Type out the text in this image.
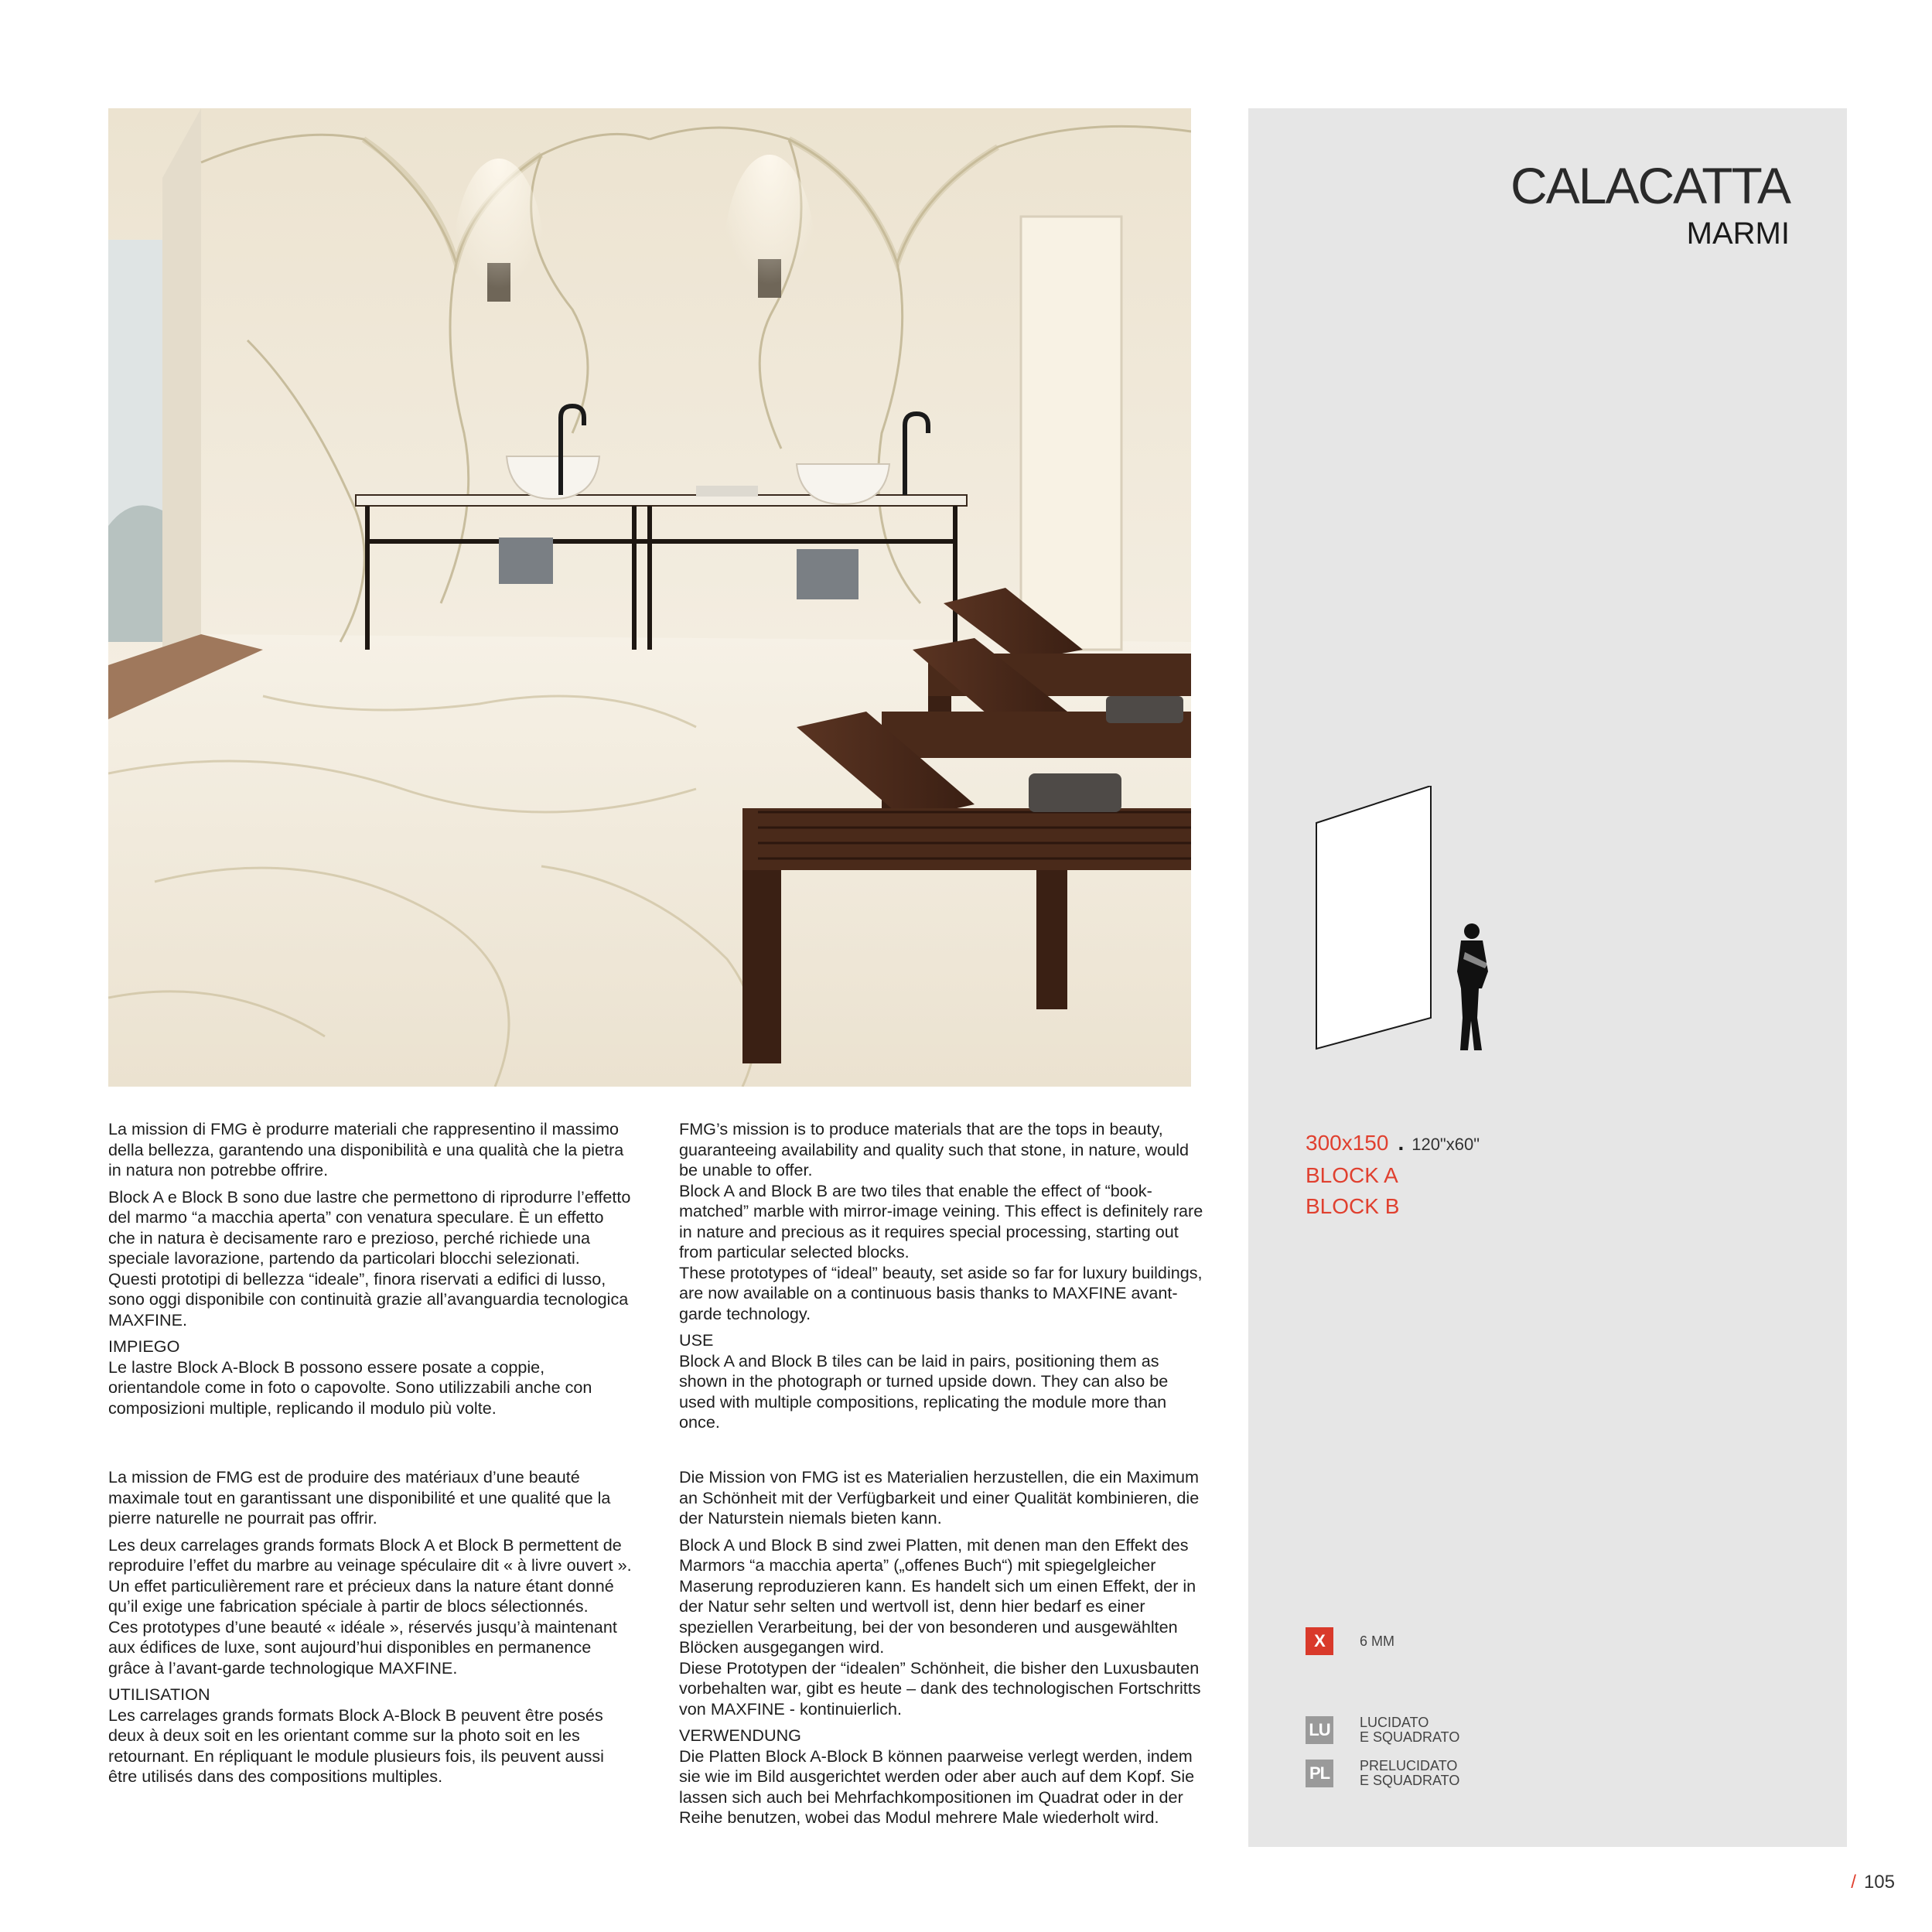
CALACATTA
MARMI
300x150 . 120"x60"
BLOCK A
BLOCK B
X	6 MM
LU LUCIDATO
E SQUADRATO
PL PRELUCIDATO
E SQUADRATO

La mission di FMG è produrre materiali che rappresentino il massimo della bellezza, garantendo una disponibilità e una qualità che la pietra in natura non potrebbe offrire.

Block A e Block B sono due lastre che permettono di riprodurre l’effetto del marmo “a macchia aperta” con venatura speculare. È un effetto che in natura è decisamente raro e prezioso, perché richiede una speciale lavorazione, partendo da particolari blocchi selezionati.

Questi prototipi di bellezza “ideale”, finora riservati a edifici di lusso, sono oggi disponibile con continuità grazie all’avanguardia tecnologica MAXFINE.

IMPIEGO

Le lastre Block A-Block B possono essere posate a coppie, orientandole come in foto o capovolte. Sono utilizzabili anche con composizioni multiple, replicando il modulo più volte.

FMG’s mission is to produce materials that are the tops in beauty, guaranteeing availability and quality such that stone, in nature, would be unable to offer.

Block A and Block B are two tiles that enable the effect of “book-matched” marble with mirror-image veining. This effect is definitely rare in nature and precious as it requires special processing, starting out from particular selected blocks.

These prototypes of “ideal” beauty, set aside so far for luxury buildings, are now available on a continuous basis thanks to MAXFINE avant-garde technology.

USE

Block A and Block B tiles can be laid in pairs, positioning them as shown in the photograph or turned upside down. They can also be used with multiple compositions, replicating the module more than once.

La mission de FMG est de produire des matériaux d’une beauté maximale tout en garantissant une disponibilité et une qualité que la pierre naturelle ne pourrait pas offrir.

Les deux carrelages grands formats Block A et Block B permettent de reproduire l’effet du marbre au veinage spéculaire dit « à livre ouvert ». Un effet particulièrement rare et précieux dans la nature étant donné qu’il exige une fabrication spéciale à partir de blocs sélectionnés.

Ces prototypes d’une beauté « idéale », réservés jusqu’à maintenant aux édifices de luxe, sont aujourd’hui disponibles en permanence grâce à l’avant-garde technologique MAXFINE.

UTILISATION

Les carrelages grands formats Block A-Block B peuvent être posés deux à deux soit en les orientant comme sur la photo soit en les retournant. En répliquant le module plusieurs fois, ils peuvent aussi être utilisés dans des compositions multiples.

Die Mission von FMG ist es Materialien herzustellen, die ein Maximum an Schönheit mit der Verfügbarkeit und einer Qualität kombinieren, die der Naturstein niemals bieten kann.

Block A und Block B sind zwei Platten, mit denen man den Effekt des Marmors “a macchia aperta” („offenes Buch“) mit spiegelgleicher Maserung reproduzieren kann. Es handelt sich um einen Effekt, der in der Natur sehr selten und wertvoll ist, denn hier bedarf es einer speziellen Verarbeitung, bei der von besonderen und ausgewählten Blöcken ausgegangen wird.

Diese Prototypen der “idealen” Schönheit, die bisher den Luxusbauten vorbehalten war, gibt es heute – dank des technologischen Fortschritts von MAXFINE - kontinuierlich.

VERWENDUNG

Die Platten Block A-Block B können paarweise verlegt werden, indem sie wie im Bild ausgerichtet werden oder aber auch auf dem Kopf. Sie lassen sich auch bei Mehrfachkompositionen im Quadrat oder in der Reihe benutzen, wobei das Modul mehrere Male wiederholt wird.

/ 105
